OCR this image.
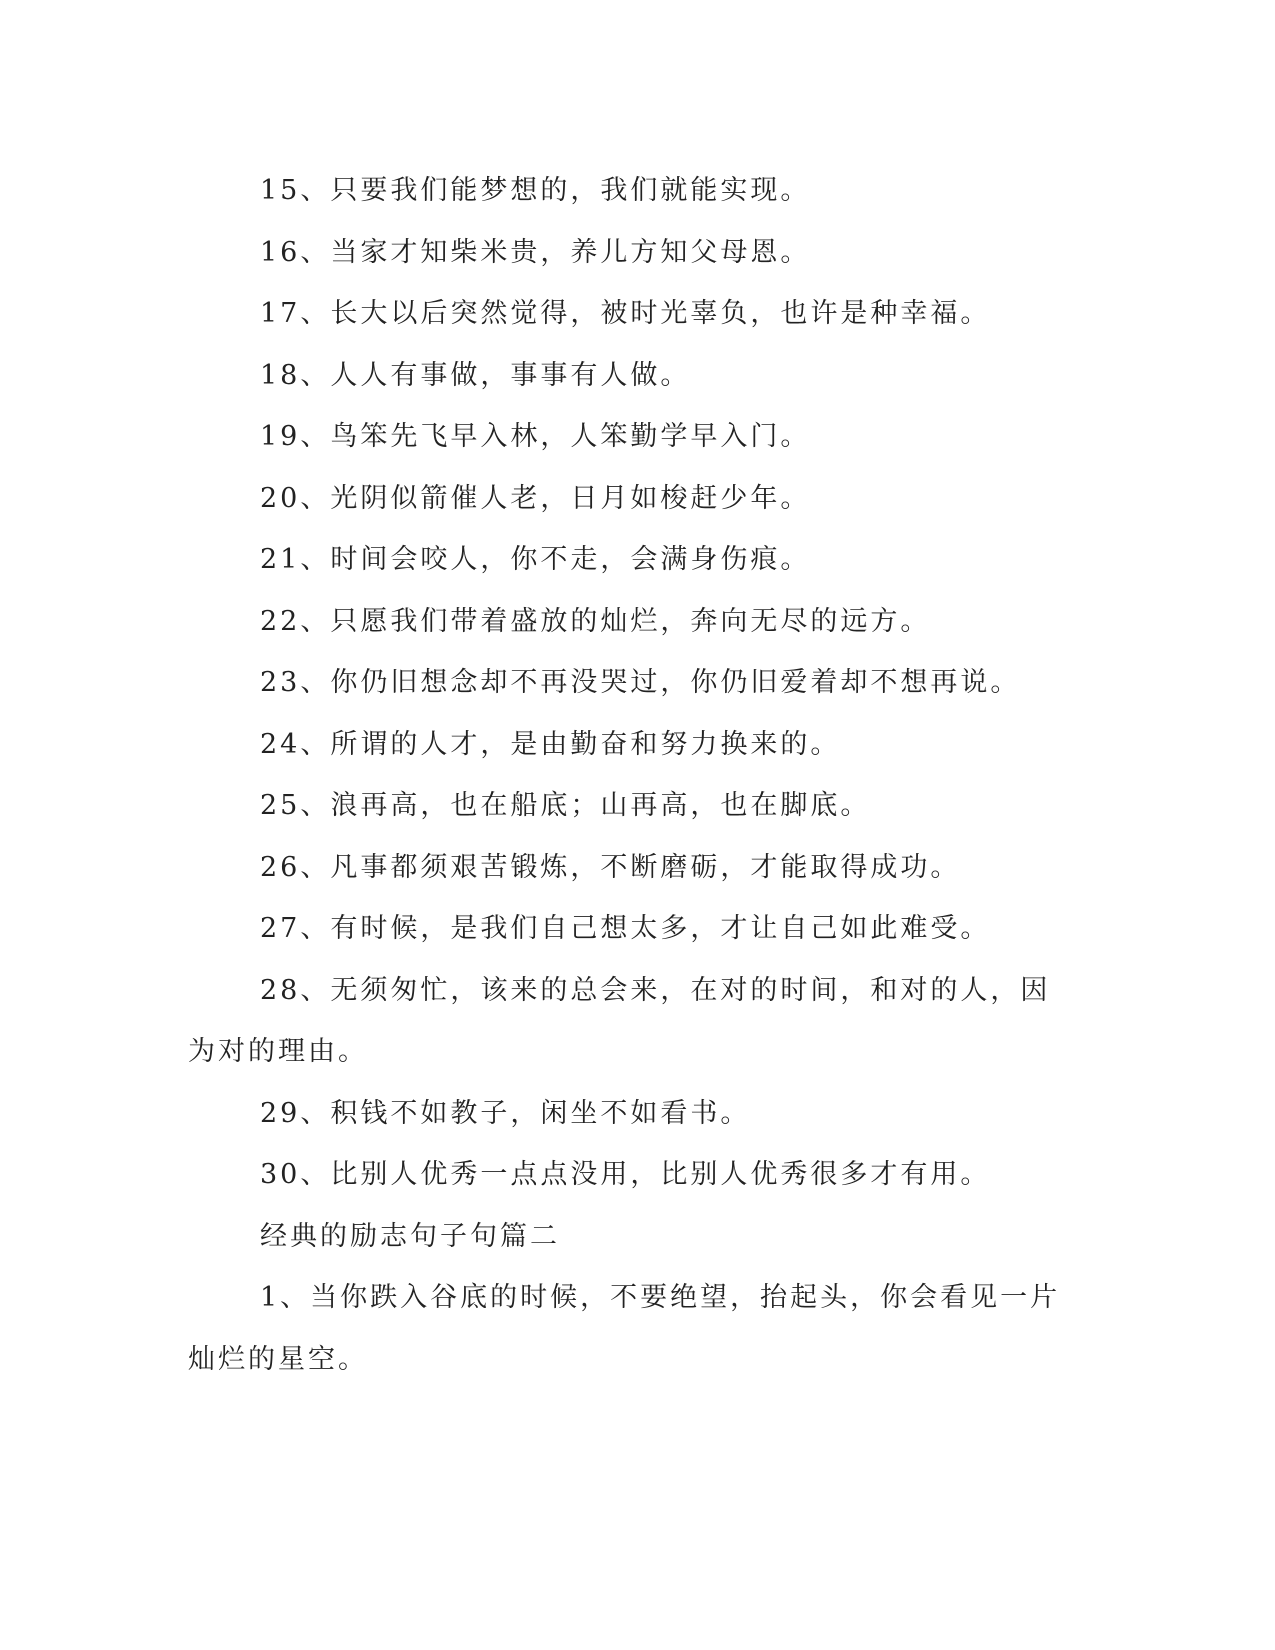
15、只要我们能梦想的，我们就能实现。

16、当家才知柴米贵，养儿方知父母恩。

17、长大以后突然觉得，被时光辜负，也许是种幸福。

18、人人有事做，事事有人做。

19、鸟笨先飞早入林，人笨勤学早入门。

20、光阴似箭催人老，日月如梭赶少年。

21、时间会咬人，你不走，会满身伤痕。

22、只愿我们带着盛放的灿烂，奔向无尽的远方。

23、你仍旧想念却不再没哭过，你仍旧爱着却不想再说。

24、所谓的人才，是由勤奋和努力换来的。

25、浪再高，也在船底；山再高，也在脚底。

26、凡事都须艰苦锻炼，不断磨砺，才能取得成功。

27、有时候，是我们自己想太多，才让自己如此难受。

28、无须匆忙，该来的总会来，在对的时间，和对的人，因为对的理由。

29、积钱不如教子，闲坐不如看书。

30、比别人优秀一点点没用，比别人优秀很多才有用。

经典的励志句子句篇二

1、当你跌入谷底的时候，不要绝望，抬起头，你会看见一片灿烂的星空。
